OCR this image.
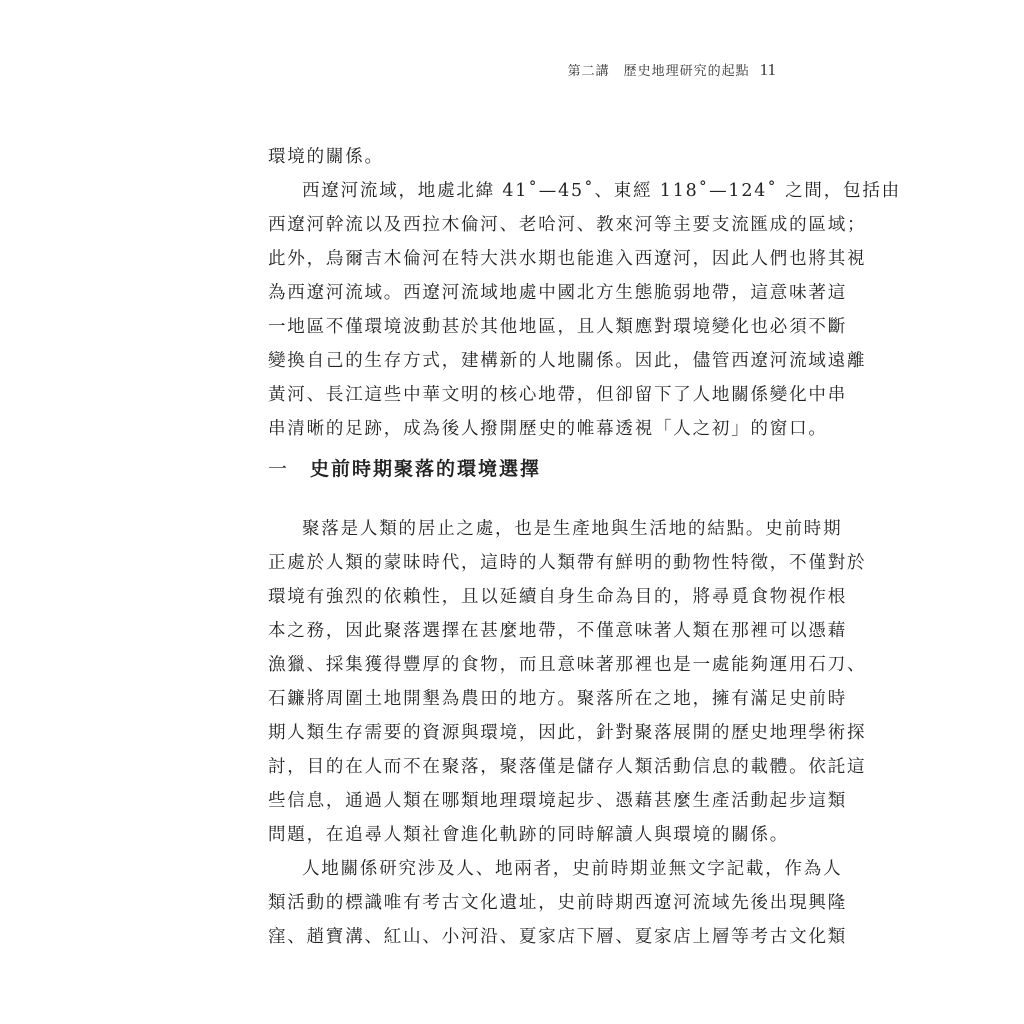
第二講 歷史地理研究的起點 11
環境的關係。
西遼河流域，地處北緯 41˚—45˚、東經 118˚—124˚ 之間，包括由
西遼河幹流以及西拉木倫河、老哈河、教來河等主要支流匯成的區域；
此外，烏爾吉木倫河在特大洪水期也能進入西遼河，因此人們也將其視
為西遼河流域。西遼河流域地處中國北方生態脆弱地帶，這意味著這
一地區不僅環境波動甚於其他地區，且人類應對環境變化也必須不斷
變換自己的生存方式，建構新的人地關係。因此，儘管西遼河流域遠離
黃河、長江這些中華文明的核心地帶，但卻留下了人地關係變化中串
串清晰的足跡，成為後人撥開歷史的帷幕透視「人之初」的窗口。
一 史前時期聚落的環境選擇
聚落是人類的居止之處，也是生產地與生活地的結點。史前時期
正處於人類的蒙昧時代，這時的人類帶有鮮明的動物性特徵，不僅對於
環境有強烈的依賴性，且以延續自身生命為目的，將尋覓食物視作根
本之務，因此聚落選擇在甚麼地帶，不僅意味著人類在那裡可以憑藉
漁獵、採集獲得豐厚的食物，而且意味著那裡也是一處能夠運用石刀、
石鐮將周圍土地開墾為農田的地方。聚落所在之地，擁有滿足史前時
期人類生存需要的資源與環境，因此，針對聚落展開的歷史地理學術探
討，目的在人而不在聚落，聚落僅是儲存人類活動信息的載體。依託這
些信息，通過人類在哪類地理環境起步、憑藉甚麼生產活動起步這類
問題，在追尋人類社會進化軌跡的同時解讀人與環境的關係。
人地關係研究涉及人、地兩者，史前時期並無文字記載，作為人
類活動的標識唯有考古文化遺址，史前時期西遼河流域先後出現興隆
窪、趙寶溝、紅山、小河沿、夏家店下層、夏家店上層等考古文化類
